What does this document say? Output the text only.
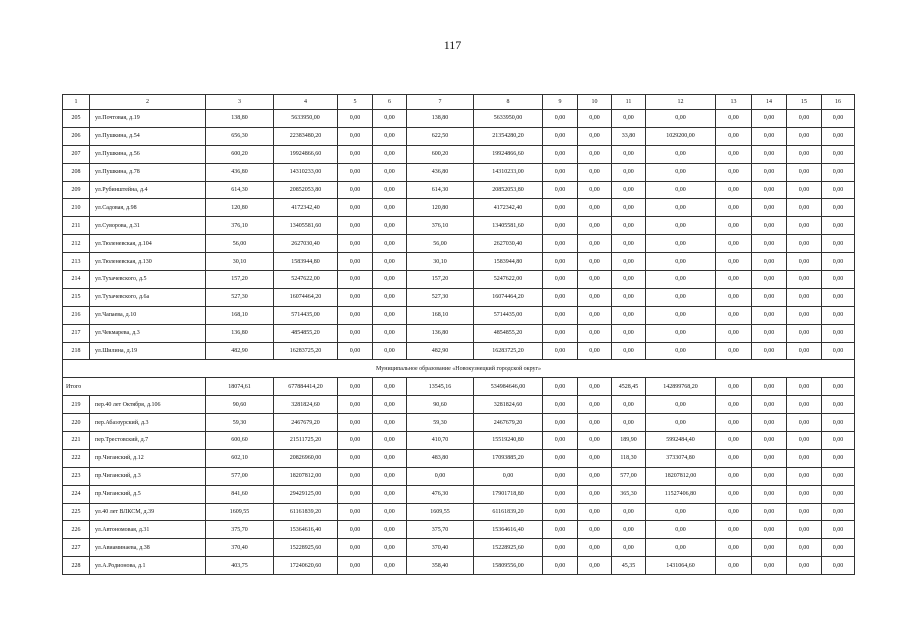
117
1	2	3	4	5	6	7	8	9	10	11	12	13	14	15	16
205	ул.Почтовая, д.19	138,80	5633950,00	0,00	0,00	138,80	5633950,00	0,00	0,00	0,00	0,00	0,00	0,00	0,00	0,00
206	ул.Пушкина, д.54	656,30	22383480,20	0,00	0,00	622,50	21354280,20	0,00	0,00	33,80	1029200,00	0,00	0,00	0,00	0,00
207	ул.Пушкина, д.56	600,20	19924866,60	0,00	0,00	600,20	19924866,60	0,00	0,00	0,00	0,00	0,00	0,00	0,00	0,00
208	ул.Пушкина, д.78	436,80	14310233,00	0,00	0,00	436,80	14310233,00	0,00	0,00	0,00	0,00	0,00	0,00	0,00	0,00
209	ул.Рубинштейна, д.4	614,30	20852053,80	0,00	0,00	614,30	20852053,80	0,00	0,00	0,00	0,00	0,00	0,00	0,00	0,00
210	ул.Садовая, д.98	120,80	4172342,40	0,00	0,00	120,80	4172342,40	0,00	0,00	0,00	0,00	0,00	0,00	0,00	0,00
211	ул.Суворова, д.31	376,10	13405581,60	0,00	0,00	376,10	13405581,60	0,00	0,00	0,00	0,00	0,00	0,00	0,00	0,00
212	ул.Тюленевская, д.104	56,00	2627030,40	0,00	0,00	56,00	2627030,40	0,00	0,00	0,00	0,00	0,00	0,00	0,00	0,00
213	ул.Тюленевская, д.130	30,10	1583944,80	0,00	0,00	30,10	1583944,80	0,00	0,00	0,00	0,00	0,00	0,00	0,00	0,00
214	ул.Тухачевского, д.5	157,20	5247622,00	0,00	0,00	157,20	5247622,00	0,00	0,00	0,00	0,00	0,00	0,00	0,00	0,00
215	ул.Тухачевского, д.6а	527,30	16074464,20	0,00	0,00	527,30	16074464,20	0,00	0,00	0,00	0,00	0,00	0,00	0,00	0,00
216	ул.Чапаева, д.10	168,10	5714435,00	0,00	0,00	168,10	5714435,00	0,00	0,00	0,00	0,00	0,00	0,00	0,00	0,00
217	ул.Чекмарева, д.3	136,80	4854855,20	0,00	0,00	136,80	4854855,20	0,00	0,00	0,00	0,00	0,00	0,00	0,00	0,00
218	ул.Шилина, д.19	482,90	16283725,20	0,00	0,00	482,90	16283725,20	0,00	0,00	0,00	0,00	0,00	0,00	0,00	0,00
Муниципальное образование «Новокузнецкий городской округ»															
Итого		18074,61	677884414,20	0,00	0,00	13545,16	534984646,00	0,00	0,00	4528,45	142899768,20	0,00	0,00	0,00	0,00
219	пер.40 лет Октября, д.106	90,60	3281824,60	0,00	0,00	90,60	3281824,60	0,00	0,00	0,00	0,00	0,00	0,00	0,00	0,00
220	пер.Абаэзурский, д.3	59,30	2467679,20	0,00	0,00	59,30	2467679,20	0,00	0,00	0,00	0,00	0,00	0,00	0,00	0,00
221	пер.Трестовский, д.7	600,60	21511725,20	0,00	0,00	410,70	15519240,80	0,00	0,00	189,90	5992484,40	0,00	0,00	0,00	0,00
222	пр.Чиганский, д.12	602,10	20826960,00	0,00	0,00	483,80	17093885,20	0,00	0,00	118,30	3733074,80	0,00	0,00	0,00	0,00
223	пр.Чиганский, д.3	577,00	18207812,00	0,00	0,00	0,00	0,00	0,00	0,00	577,00	18207812,00	0,00	0,00	0,00	0,00
224	пр.Чиганский, д.5	841,60	29429125,00	0,00	0,00	476,30	17901718,80	0,00	0,00	365,30	11527406,80	0,00	0,00	0,00	0,00
225	ул.40 лет ВЛКСМ, д.39	1609,55	61161839,20	0,00	0,00	1609,55	61161839,20	0,00	0,00	0,00	0,00	0,00	0,00	0,00	0,00
226	ул.Автономовая, д.31	375,70	15364616,40	0,00	0,00	375,70	15364616,40	0,00	0,00	0,00	0,00	0,00	0,00	0,00	0,00
227	ул.Авиаминаева, д.38	370,40	15228925,60	0,00	0,00	370,40	15228925,60	0,00	0,00	0,00	0,00	0,00	0,00	0,00	0,00
228	ул.А.Родионова, д.1	403,75	17240620,60	0,00	0,00	358,40	15809556,00	0,00	0,00	45,35	1431064,60	0,00	0,00	0,00	0,00
